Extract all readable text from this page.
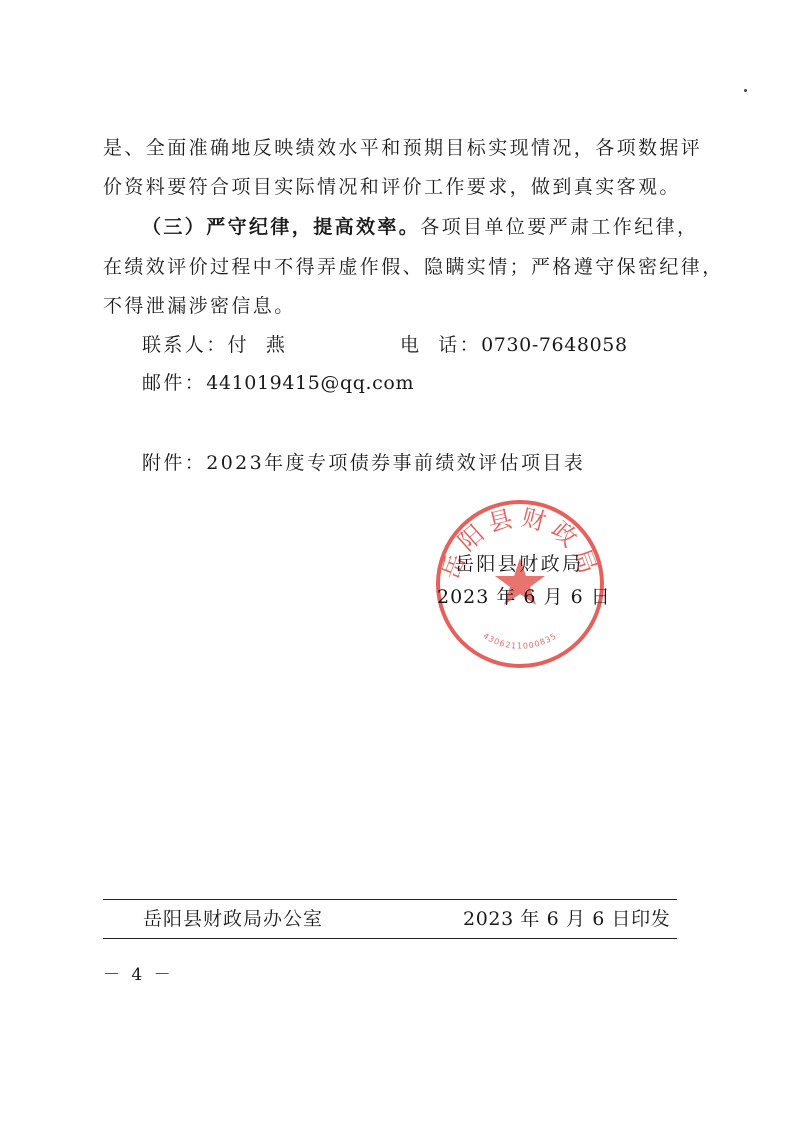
是、全面准确地反映绩效水平和预期目标实现情况，各项数据评
价资料要符合项目实际情况和评价工作要求，做到真实客观。
（三）严守纪律，提高效率。各项目单位要严肃工作纪律，
在绩效评价过程中不得弄虚作假、隐瞒实情；严格遵守保密纪律，
不得泄漏涉密信息。
联系人：付  燕	电  话：0730-7648058
邮件：441019415@qq.com
附件：2023年度专项债券事前绩效评估项目表
岳阳县财政局
4306211000835
岳阳县财政局
2023 年 6 月 6 日
岳阳县财政局办公室	2023 年 6 月 6 日印发
－ 4 －
